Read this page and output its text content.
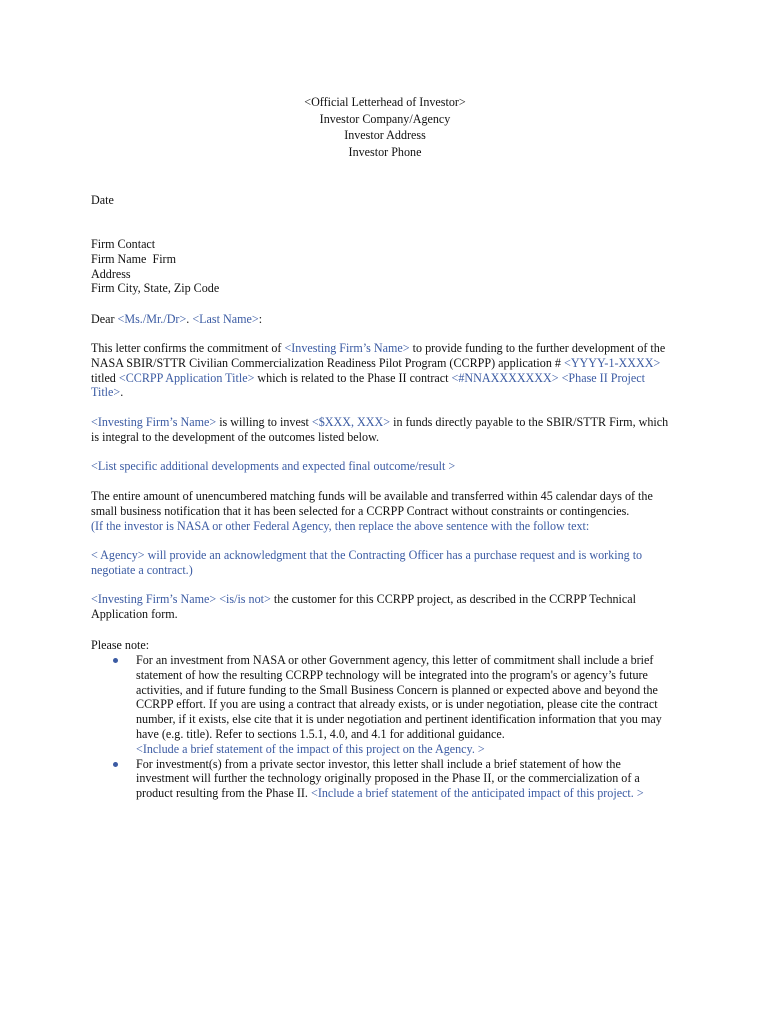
<Official Letterhead of Investor>
Investor Company/Agency
Investor Address
Investor Phone
Date
Firm Contact
Firm Name  Firm
Address
Firm City, State, Zip Code
Dear <Ms./Mr./Dr>. <Last Name>:
This letter confirms the commitment of <Investing Firm’s Name> to provide funding to the further development of the NASA SBIR/STTR Civilian Commercialization Readiness Pilot Program (CCRPP) application # <YYYY-1-XXXX> titled <CCRPP Application Title> which is related to the Phase II contract <#NNAXXXXXXX> <Phase II Project Title>.
<Investing Firm’s Name> is willing to invest <$XXX, XXX> in funds directly payable to the SBIR/STTR Firm, which is integral to the development of the outcomes listed below.
<List specific additional developments and expected final outcome/result >
The entire amount of unencumbered matching funds will be available and transferred within 45 calendar days of the small business notification that it has been selected for a CCRPP Contract without constraints or contingencies.
(If the investor is NASA or other Federal Agency, then replace the above sentence with the follow text:
< Agency> will provide an acknowledgment that the Contracting Officer has a purchase request and is working to negotiate a contract.)
<Investing Firm’s Name> <is/is not> the customer for this CCRPP project, as described in the CCRPP Technical Application form.
Please note:
For an investment from NASA or other Government agency, this letter of commitment shall include a brief statement of how the resulting CCRPP technology will be integrated into the program's or agency’s future activities, and if future funding to the Small Business Concern is planned or expected above and beyond the CCRPP effort. If you are using a contract that already exists, or is under negotiation, please cite the contract number, if it exists, else cite that it is under negotiation and pertinent identification information that you may have (e.g. title). Refer to sections 1.5.1, 4.0, and 4.1 for additional guidance.
<Include a brief statement of the impact of this project on the Agency. >
For investment(s) from a private sector investor, this letter shall include a brief statement of how the investment will further the technology originally proposed in the Phase II, or the commercialization of a product resulting from the Phase II. <Include a brief statement of the anticipated impact of this project. >
